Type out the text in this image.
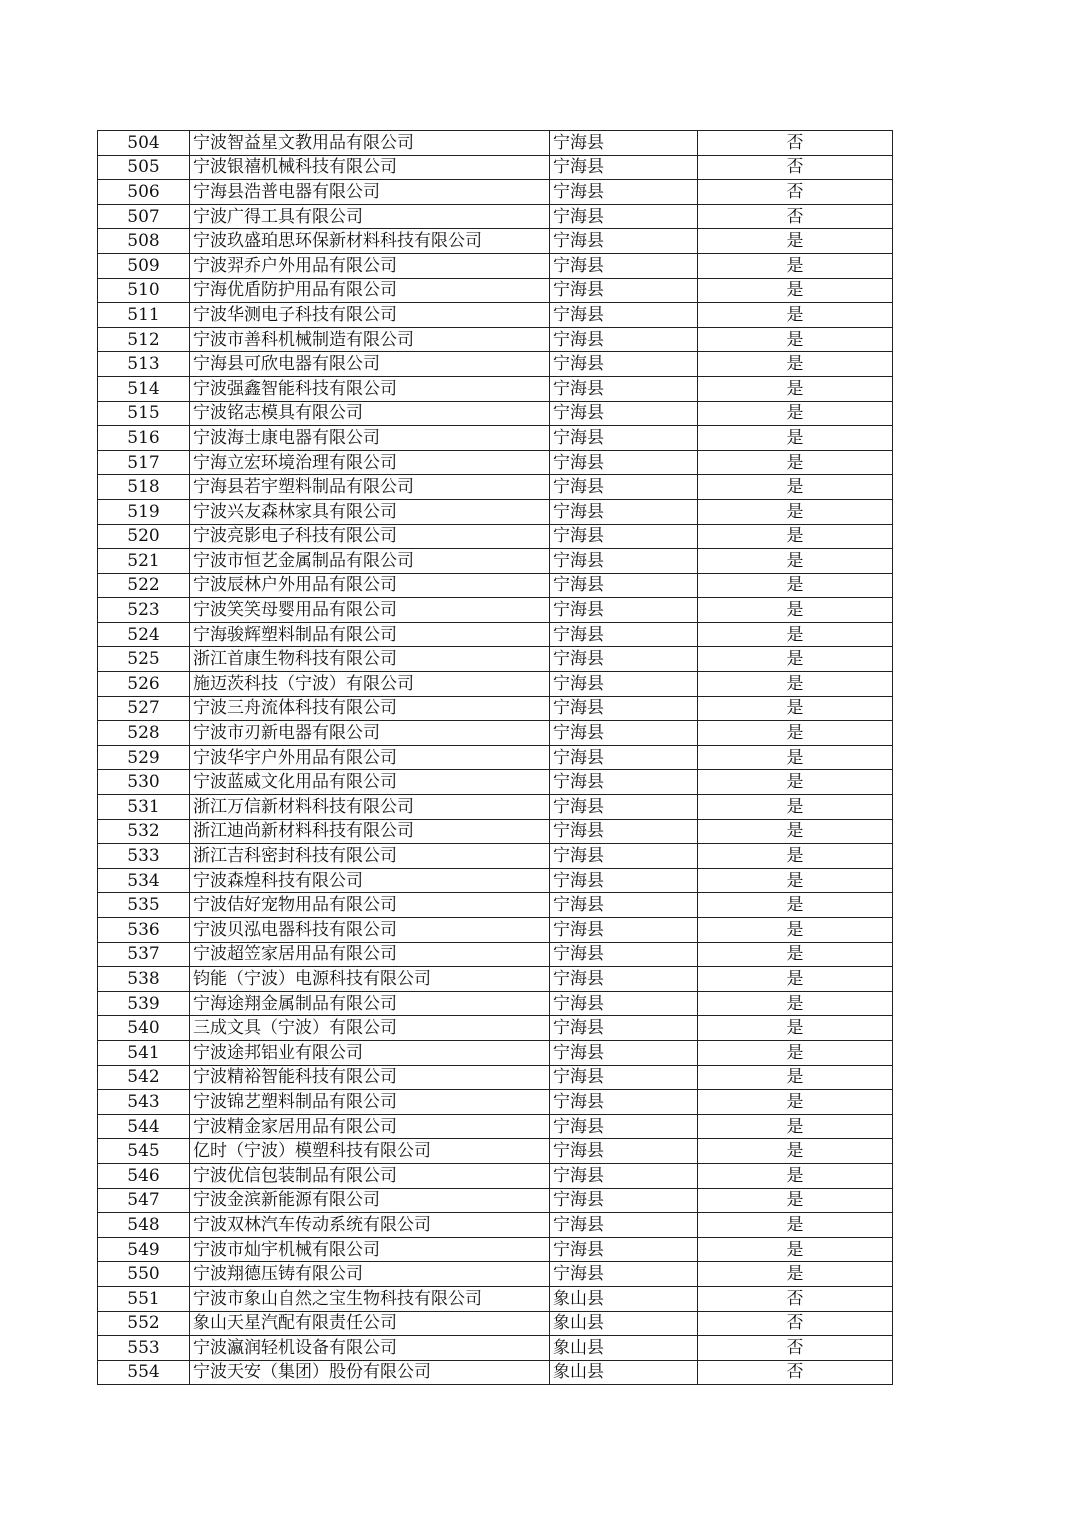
504	宁波智益星文教用品有限公司	宁海县	否
505	宁波银禧机械科技有限公司	宁海县	否
506	宁海县浩普电器有限公司	宁海县	否
507	宁波广得工具有限公司	宁海县	否
508	宁波玖盛珀思环保新材料科技有限公司	宁海县	是
509	宁波羿乔户外用品有限公司	宁海县	是
510	宁海优盾防护用品有限公司	宁海县	是
511	宁波华测电子科技有限公司	宁海县	是
512	宁波市善科机械制造有限公司	宁海县	是
513	宁海县可欣电器有限公司	宁海县	是
514	宁波强鑫智能科技有限公司	宁海县	是
515	宁波铭志模具有限公司	宁海县	是
516	宁波海士康电器有限公司	宁海县	是
517	宁海立宏环境治理有限公司	宁海县	是
518	宁海县若宇塑料制品有限公司	宁海县	是
519	宁波兴友森林家具有限公司	宁海县	是
520	宁波亮影电子科技有限公司	宁海县	是
521	宁波市恒艺金属制品有限公司	宁海县	是
522	宁波辰林户外用品有限公司	宁海县	是
523	宁波笑笑母婴用品有限公司	宁海县	是
524	宁海骏辉塑料制品有限公司	宁海县	是
525	浙江首康生物科技有限公司	宁海县	是
526	施迈茨科技（宁波）有限公司	宁海县	是
527	宁波三舟流体科技有限公司	宁海县	是
528	宁波市刃新电器有限公司	宁海县	是
529	宁波华宇户外用品有限公司	宁海县	是
530	宁波蓝威文化用品有限公司	宁海县	是
531	浙江万信新材料科技有限公司	宁海县	是
532	浙江迪尚新材料科技有限公司	宁海县	是
533	浙江吉科密封科技有限公司	宁海县	是
534	宁波森煌科技有限公司	宁海县	是
535	宁波佶好宠物用品有限公司	宁海县	是
536	宁波贝泓电器科技有限公司	宁海县	是
537	宁波超笠家居用品有限公司	宁海县	是
538	钧能（宁波）电源科技有限公司	宁海县	是
539	宁海途翔金属制品有限公司	宁海县	是
540	三成文具（宁波）有限公司	宁海县	是
541	宁波途邦铝业有限公司	宁海县	是
542	宁波精裕智能科技有限公司	宁海县	是
543	宁波锦艺塑料制品有限公司	宁海县	是
544	宁波精金家居用品有限公司	宁海县	是
545	亿时（宁波）模塑科技有限公司	宁海县	是
546	宁波优信包装制品有限公司	宁海县	是
547	宁波金滨新能源有限公司	宁海县	是
548	宁波双林汽车传动系统有限公司	宁海县	是
549	宁波市灿宇机械有限公司	宁海县	是
550	宁波翔德压铸有限公司	宁海县	是
551	宁波市象山自然之宝生物科技有限公司	象山县	否
552	象山天星汽配有限责任公司	象山县	否
553	宁波瀛润轻机设备有限公司	象山县	否
554	宁波天安（集团）股份有限公司	象山县	否
